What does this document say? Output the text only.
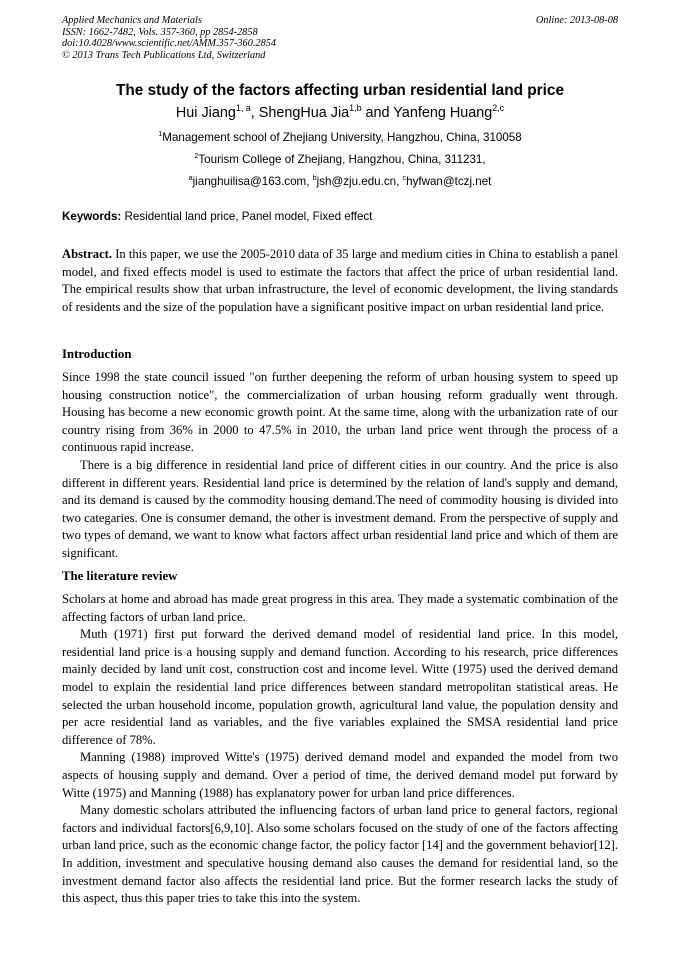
Applied Mechanics and Materials
ISSN: 1662-7482, Vols. 357-360, pp 2854-2858
doi:10.4028/www.scientific.net/AMM.357-360.2854
© 2013 Trans Tech Publications Ltd, Switzerland
Online: 2013-08-08
The study of the factors affecting urban residential land price
Hui Jiang$^{1, a}$, ShengHua Jia$^{1,b}$ and Yanfeng Huang$^{2,c}$
$^1$Management school of Zhejiang University, Hangzhou, China, 310058
$^2$Tourism College of Zhejiang, Hangzhou, China, 311231,
$^a$jianghuilisa@163.com, $^b$jsh@zju.edu.cn, $^c$hyfwan@tczj.net
Keywords: Residential land price, Panel model, Fixed effect

Abstract. In this paper, we use the 2005-2010 data of 35 large and medium cities in China to establish a panel model, and fixed effects model is used to estimate the factors that affect the price of urban residential land. The empirical results show that urban infrastructure, the level of economic development, the living standards of residents and the size of the population have a significant positive impact on urban residential land price.

Introduction

Since 1998 the state council issued "on further deepening the reform of urban housing system to speed up housing construction notice", the commercialization of urban housing reform gradually went through. Housing has become a new economic growth point. At the same time, along with the urbanization rate of our country rising from 36% in 2000 to 47.5% in 2010, the urban land price went through the process of a continuous rapid increase.

There is a big difference in residential land price of different cities in our country. And the price is also different in different years. Residential land price is determined by the relation of land's supply and demand, and its demand is caused by the commodity housing demand.The need of commodity housing is divided into two categaries. One is consumer demand, the other is investment demand. From the perspective of supply and two types of demand, we want to know what factors affect urban residential land price and which of them are significant.

The literature review

Scholars at home and abroad has made great progress in this area. They made a systematic combination of the affecting factors of urban land price.

Muth (1971) first put forward the derived demand model of residential land price. In this model, residential land price is a housing supply and demand function. According to his research, price differences mainly decided by land unit cost, construction cost and income level. Witte (1975) used the derived demand model to explain the residential land price differences between standard metropolitan statistical areas. He selected the urban household income, population growth, agricultural land value, the population density and per acre residential land as variables, and the five variables explained the SMSA residential land price difference of 78%.

Manning (1988) improved Witte's (1975) derived demand model and expanded the model from two aspects of housing supply and demand. Over a period of time, the derived demand model put forward by Witte (1975) and Manning (1988) has explanatory power for urban land price differences.

Many domestic scholars attributed the influencing factors of urban land price to general factors, regional factors and individual factors[6,9,10]. Also some scholars focused on the study of one of the factors affecting urban land price, such as the economic change factor, the policy factor [14] and the government behavior[12]. In addition, investment and speculative housing demand also causes the demand for residential land, so the investment demand factor also affects the residential land price. But the former research lacks the study of this aspect, thus this paper tries to take this into the system.
